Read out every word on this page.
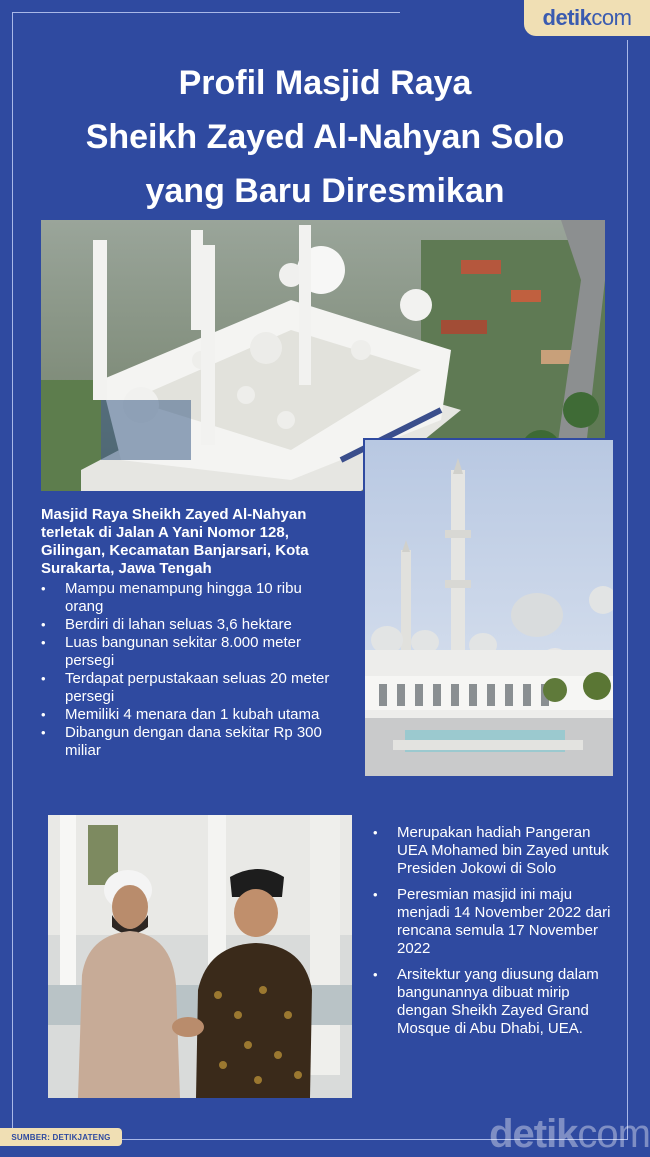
detik com
Profil Masjid Raya
Sheikh Zayed Al-Nahyan Solo
yang Baru Diresmikan
Masjid Raya Sheikh Zayed Al-Nahyan terletak di Jalan A Yani Nomor 128, Gilingan, Kecamatan Banjarsari, Kota Surakarta, Jawa Tengah
• Mampu menampung hingga 10 ribu orang
• Berdiri di lahan seluas 3,6 hektare
• Luas bangunan sekitar 8.000 meter persegi
• Terdapat perpustakaan seluas 20 meter persegi
• Memiliki 4 menara dan 1 kubah utama
• Dibangun dengan dana sekitar Rp 300 miliar
• Merupakan hadiah Pangeran UEA Mohamed bin Zayed untuk Presiden Jokowi di Solo
• Peresmian masjid ini maju menjadi 14 November 2022 dari rencana semula 17 November 2022
• Arsitektur yang diusung dalam bangunannya dibuat mirip dengan Sheikh Zayed Grand Mosque di Abu Dhabi, UEA.
SUMBER: DETIKJATENG	detikcom
